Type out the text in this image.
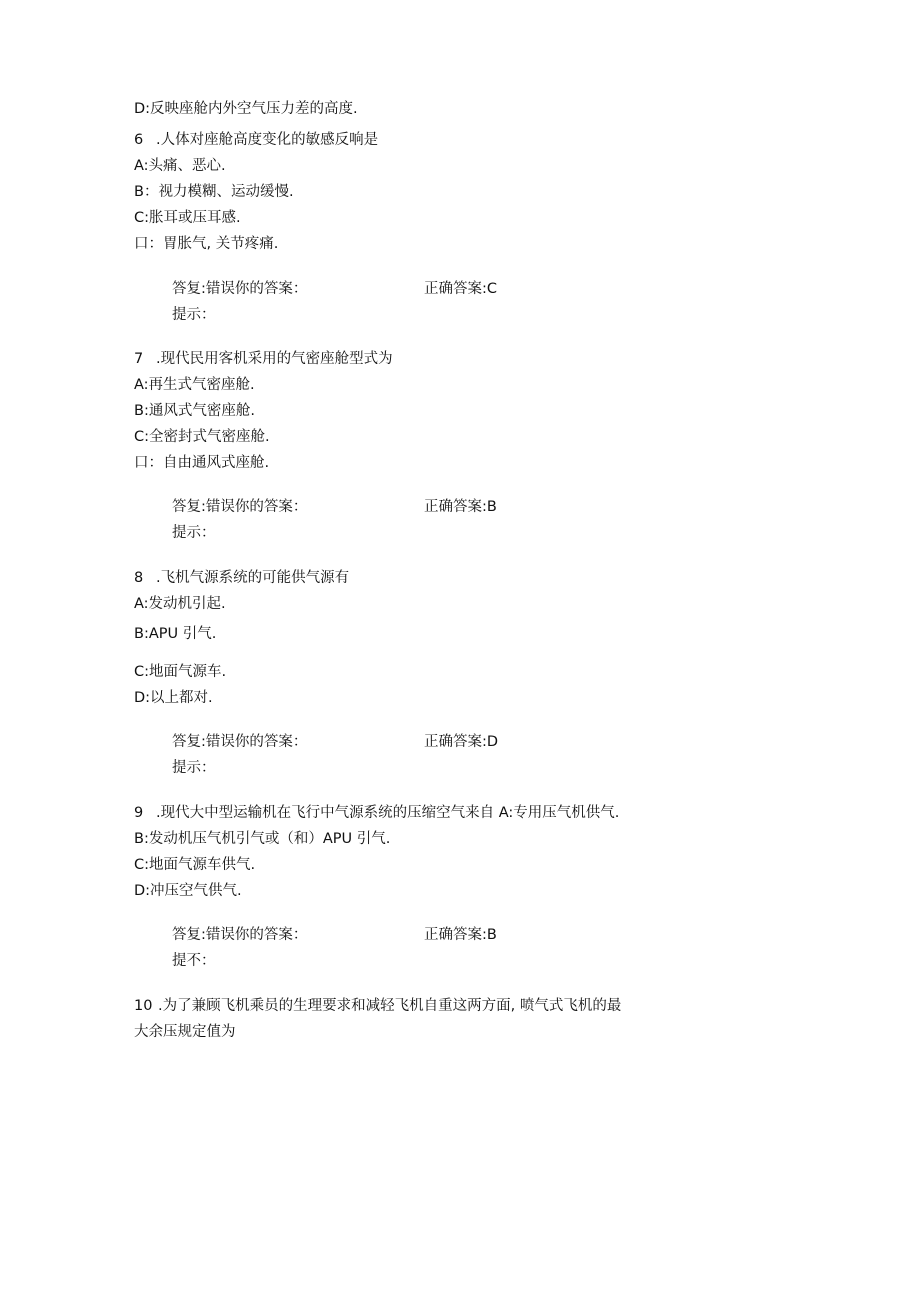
D:反映座舱内外空气压力差的高度.
6 .人体对座舱高度变化的敏感反响是
A:头痛、恶心.
B：视力模糊、运动缓慢.
C:胀耳或压耳感.
口：胃胀气, 关节疼痛.
答复:错误你的答案：	正确答案:C
提示：
7 .现代民用客机采用的气密座舱型式为
A:再生式气密座舱.
B:通风式气密座舱.
C:全密封式气密座舱.
口：自由通风式座舱.
答复:错误你的答案：	正确答案:B
提示：
8 .飞机气源系统的可能供气源有
A:发动机引起.
B:APU 引气.
C:地面气源车.
D:以上都对.
答复:错误你的答案：	正确答案:D
提示：
9 .现代大中型运输机在飞行中气源系统的压缩空气来自 A:专用压气机供气.
B:发动机压气机引气或（和）APU 引气.
C:地面气源车供气.
D:冲压空气供气.
答复:错误你的答案：	正确答案:B
提不：
10 .为了兼顾飞机乘员的生理要求和减轻飞机自重这两方面, 喷气式飞机的最
大余压规定值为
